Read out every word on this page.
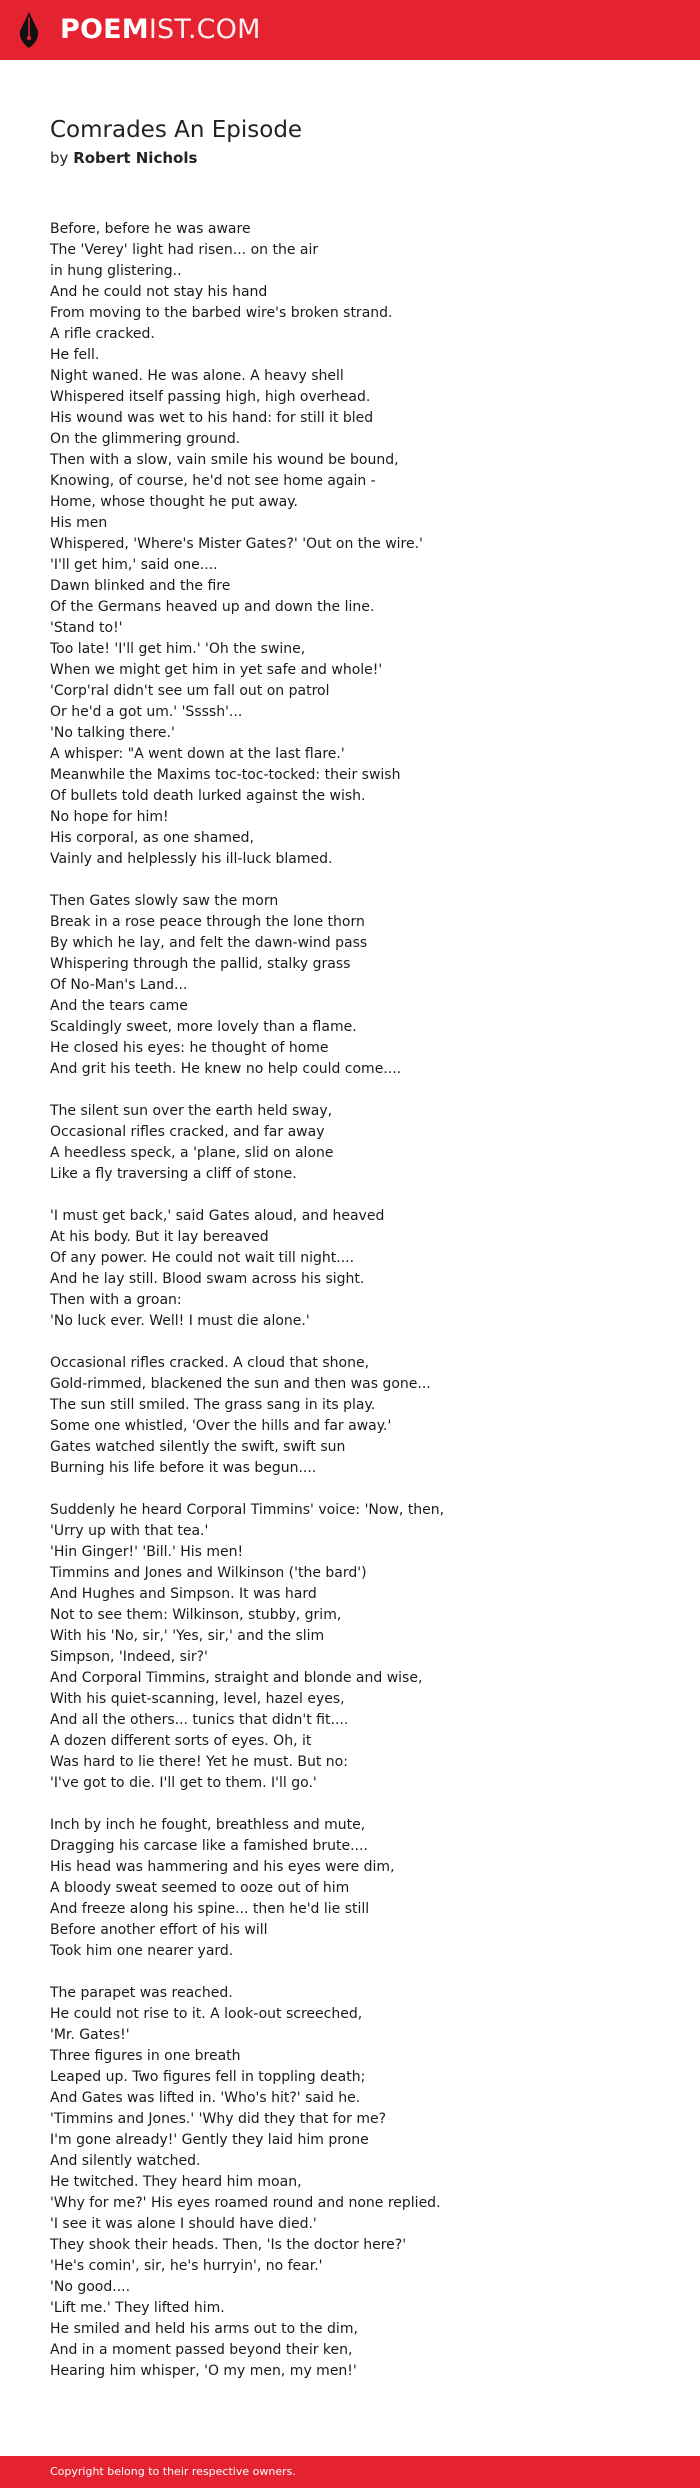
POEMIST.COM
Comrades An Episode
by Robert Nichols
Before, before he was aware
The 'Verey' light had risen... on the air
in hung glistering..
And he could not stay his hand
From moving to the barbed wire's broken strand.
A rifle cracked.
He fell.
Night waned. He was alone. A heavy shell
Whispered itself passing high, high overhead.
His wound was wet to his hand: for still it bled
On the glimmering ground.
Then with a slow, vain smile his wound be bound,
Knowing, of course, he'd not see home again -
Home, whose thought he put away.
His men
Whispered, 'Where's Mister Gates?' 'Out on the wire.'
'I'll get him,' said one....
Dawn blinked and the fire
Of the Germans heaved up and down the line.
'Stand to!'
Too late! 'I'll get him.' 'Oh the swine,
When we might get him in yet safe and whole!'
'Corp'ral didn't see um fall out on patrol
Or he'd a got um.' 'Ssssh'...
'No talking there.'
A whisper: "A went down at the last flare.'
Meanwhile the Maxims toc-toc-tocked: their swish
Of bullets told death lurked against the wish.
No hope for him!
His corporal, as one shamed,
Vainly and helplessly his ill-luck blamed.
Then Gates slowly saw the morn
Break in a rose peace through the lone thorn
By which he lay, and felt the dawn-wind pass
Whispering through the pallid, stalky grass
Of No-Man's Land...
And the tears came
Scaldingly sweet, more lovely than a flame.
He closed his eyes: he thought of home
And grit his teeth. He knew no help could come....
The silent sun over the earth held sway,
Occasional rifles cracked, and far away
A heedless speck, a 'plane, slid on alone
Like a fly traversing a cliff of stone.
'I must get back,' said Gates aloud, and heaved
At his body. But it lay bereaved
Of any power. He could not wait till night....
And he lay still. Blood swam across his sight.
Then with a groan:
'No luck ever. Well! I must die alone.'
Occasional rifles cracked. A cloud that shone,
Gold-rimmed, blackened the sun and then was gone...
The sun still smiled. The grass sang in its play.
Some one whistled, 'Over the hills and far away.'
Gates watched silently the swift, swift sun
Burning his life before it was begun....
Suddenly he heard Corporal Timmins' voice: 'Now, then,
'Urry up with that tea.'
'Hin Ginger!' 'Bill.' His men!
Timmins and Jones and Wilkinson ('the bard')
And Hughes and Simpson. It was hard
Not to see them: Wilkinson, stubby, grim,
With his 'No, sir,' 'Yes, sir,' and the slim
Simpson, 'Indeed, sir?'
And Corporal Timmins, straight and blonde and wise,
With his quiet-scanning, level, hazel eyes,
And all the others... tunics that didn't fit....
A dozen different sorts of eyes. Oh, it
Was hard to lie there! Yet he must. But no:
'I've got to die. I'll get to them. I'll go.'
Inch by inch he fought, breathless and mute,
Dragging his carcase like a famished brute....
His head was hammering and his eyes were dim,
A bloody sweat seemed to ooze out of him
And freeze along his spine... then he'd lie still
Before another effort of his will
Took him one nearer yard.
The parapet was reached.
He could not rise to it. A look-out screeched,
'Mr. Gates!'
Three figures in one breath
Leaped up. Two figures fell in toppling death;
And Gates was lifted in. 'Who's hit?' said he.
'Timmins and Jones.' 'Why did they that for me?
I'm gone already!' Gently they laid him prone
And silently watched.
He twitched. They heard him moan,
'Why for me?' His eyes roamed round and none replied.
'I see it was alone I should have died.'
They shook their heads. Then, 'Is the doctor here?'
'He's comin', sir, he's hurryin', no fear.'
'No good....
'Lift me.' They lifted him.
He smiled and held his arms out to the dim,
And in a moment passed beyond their ken,
Hearing him whisper, 'O my men, my men!'
Copyright belong to their respective owners.
